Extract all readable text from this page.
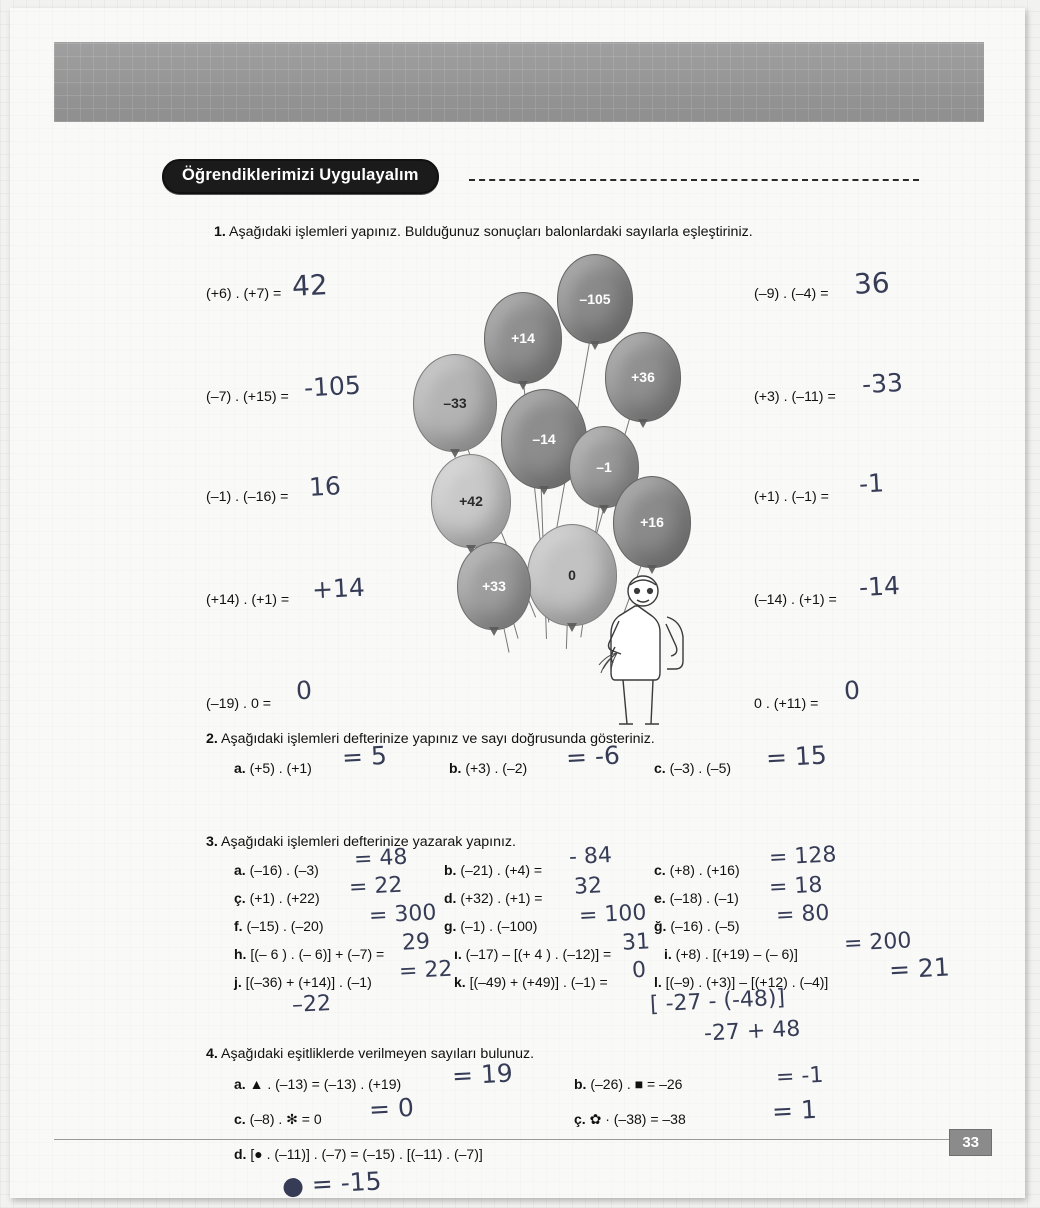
Öğrendiklerimizi Uygulayalım
1. Aşağıdaki işlemleri yapınız. Bulduğunuz sonuçları balonlardaki sayılarla eşleştiriniz.
(+6) . (+7) = 42
(–7) . (+15) = -105
(–1) . (–16) = 16
(+14) . (+1) = +14
(–19) . 0 = 0
(–9) . (–4) = 36
(+3) . (–11) = -33
(+1) . (–1) = -1
(–14) . (+1) = -14
0 . (+11) = 0
–105
+14
+36
–33
–14
–1
+42
+16
0
+33
2. Aşağıdaki işlemleri defterinize yapınız ve sayı doğrusunda gösteriniz.
a. (+5) . (+1) = 5	b. (+3) . (–2) = -6 c. (–3) . (–5) = 15
3. Aşağıdaki işlemleri defterinize yazarak yapınız.
a. (–16) . (–3) = 48	b. (–21) . (+4) = - 84	c. (+8) . (+16) = 128
ç. (+1) . (+22) = 22	d. (+32) . (+1) = 32	e. (–18) . (–1) = 18
f. (–15) . (–20) = 300 g. (–1) . (–100) = 100 ğ. (–16) . (–5) = 80
h. [(– 6 ) . (– 6)] + (–7) = 29 ı. (–17) – [(+ 4 ) . (–12)] = 31 i. (+8) . [(+19) – (– 6)] = 200
j. [(–36) + (+14)] . (–1) = 22 k. [(–49) + (+49)] . (–1) = 0 l. [(–9) . (+3)] – [(+12) . (–4)] = 21
–22	[ -27 - (-48)]
-27 + 48
4. Aşağıdaki eşitliklerde verilmeyen sayıları bulunuz.
a. ▲ . (–13) = (–13) . (+19) = 19	b. (–26) . ■ = –26	= -1
c. (–8) . ✻ = 0 = 0	ç. ✿ · (–38) = –38	= 1
d. [● . (–11)] . (–7) = (–15) . [(–11) . (–7)]
● = -15
33
